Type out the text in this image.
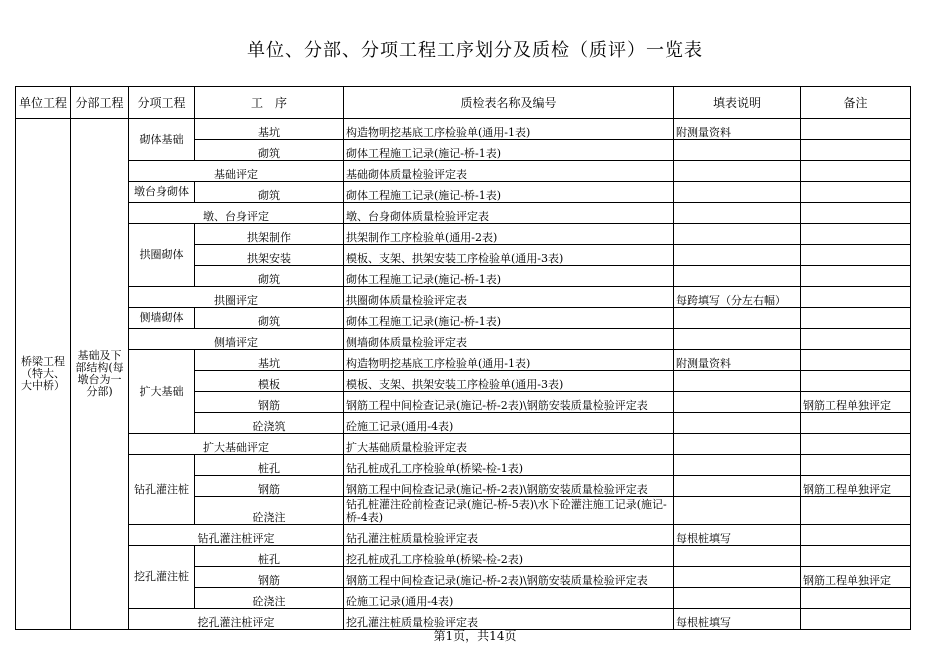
单位、分部、分项工程工序划分及质检（质评）一览表
单位工程	分部工程	分项工程	工　序	质检表名称及编号	填表说明	备注
桥梁工程（特大、大中桥）	基础及下部结构(每墩台为一分部)	砌体基础	基坑	构造物明挖基底工序检验单(通用-1表)	附测量资料	
			砌筑	砌体工程施工记录(施记-桥-1表)		
		基础评定		基础砌体质量检验评定表		
		墩台身砌体	砌筑	砌体工程施工记录(施记-桥-1表)		
		墩、台身评定		墩、台身砌体质量检验评定表		
		拱圈砌体	拱架制作	拱架制作工序检验单(通用-2表)		
			拱架安装	模板、支架、拱架安装工序检验单(通用-3表)		
			砌筑	砌体工程施工记录(施记-桥-1表)		
		拱圈评定		拱圈砌体质量检验评定表	每跨填写（分左右幅）	
		侧墙砌体	砌筑	砌体工程施工记录(施记-桥-1表)		
		侧墙评定		侧墙砌体质量检验评定表		
		扩大基础	基坑	构造物明挖基底工序检验单(通用-1表)	附测量资料	
			模板	模板、支架、拱架安装工序检验单(通用-3表)		
			钢筋	钢筋工程中间检查记录(施记-桥-2表)\钢筋安装质量检验评定表		钢筋工程单独评定
			砼浇筑	砼施工记录(通用-4表)		
		扩大基础评定		扩大基础质量检验评定表		
		钻孔灌注桩	桩孔	钻孔桩成孔工序检验单(桥梁-检-1表)		
			钢筋	钢筋工程中间检查记录(施记-桥-2表)\钢筋安装质量检验评定表		钢筋工程单独评定
			砼浇注	钻孔桩灌注砼前检查记录(施记-桥-5表)\水下砼灌注施工记录(施记-桥-4表)		
		钻孔灌注桩评定		钻孔灌注桩质量检验评定表	每根桩填写	
		挖孔灌注桩	桩孔	挖孔桩成孔工序检验单(桥梁-检-2表)		
			钢筋	钢筋工程中间检查记录(施记-桥-2表)\钢筋安装质量检验评定表		钢筋工程单独评定
			砼浇注	砼施工记录(通用-4表)		
		挖孔灌注桩评定		挖孔灌注桩质量检验评定表	每根桩填写	
第1页，共14页
